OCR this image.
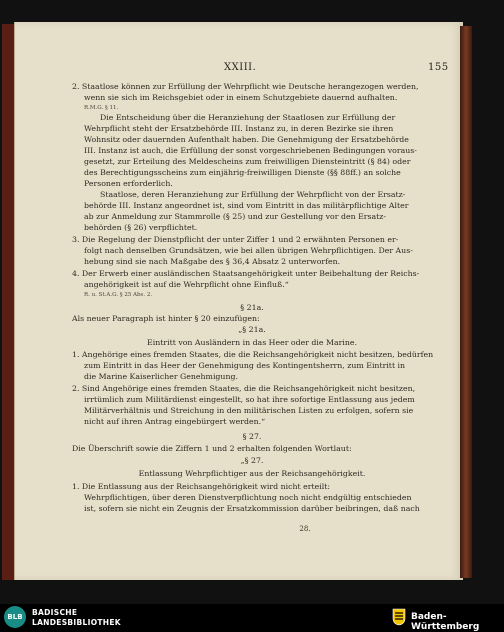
XXIII.	155
2. Staatlose können zur Erfüllung der Wehrpflicht wie Deutsche herangezogen werden,
wenn sie sich im Reichsgebiet oder in einem Schutzgebiete dauernd aufhalten.
R.M.G. § 11.
Die Entscheidung über die Heranziehung der Staatlosen zur Erfüllung der
Wehrpflicht steht der Ersatzbehörde III. Instanz zu, in deren Bezirke sie ihren
Wohnsitz oder dauernden Aufenthalt haben. Die Genehmigung der Ersatzbehörde
III. Instanz ist auch, die Erfüllung der sonst vorgeschriebenen Bedingungen voraus-
gesetzt, zur Erteilung des Meldescheins zum freiwilligen Diensteintritt (§ 84) oder
des Berechtigungsscheins zum einjährig-freiwilligen Dienste (§§ 88ff.) an solche
Personen erforderlich.
Staatlose, deren Heranziehung zur Erfüllung der Wehrpflicht von der Ersatz-
behörde III. Instanz angeordnet ist, sind vom Eintritt in das militärpflichtige Alter
ab zur Anmeldung zur Stammrolle (§ 25) und zur Gestellung vor den Ersatz-
behörden (§ 26) verpflichtet.
3. Die Regelung der Dienstpflicht der unter Ziffer 1 und 2 erwähnten Personen er-
folgt nach denselben Grundsätzen, wie bei allen übrigen Wehrpflichtigen. Der Aus-
hebung sind sie nach Maßgabe des § 36,4 Absatz 2 unterworfen.
4. Der Erwerb einer ausländischen Staatsangehörigkeit unter Beibehaltung der Reichs-
angehörigkeit ist auf die Wehrpflicht ohne Einfluß.“
R. u. St.A.G. § 25 Abs. 2.
§ 21a.
Als neuer Paragraph ist hinter § 20 einzufügen:
„§ 21a.
Eintritt von Ausländern in das Heer oder die Marine.
1. Angehörige eines fremden Staates, die die Reichsangehörigkeit nicht besitzen, bedürfen
zum Eintritt in das Heer der Genehmigung des Kontingentsherrn, zum Eintritt in
die Marine Kaiserlicher Genehmigung.
2. Sind Angehörige eines fremden Staates, die die Reichsangehörigkeit nicht besitzen,
irrtümlich zum Militärdienst eingestellt, so hat ihre sofortige Entlassung aus jedem
Militärverhältnis und Streichung in den militärischen Listen zu erfolgen, sofern sie
nicht auf ihren Antrag eingebürgert werden.“
§ 27.
Die Überschrift sowie die Ziffern 1 und 2 erhalten folgenden Wortlaut:
„§ 27.
Entlassung Wehrpflichtiger aus der Reichsangehörigkeit.
1. Die Entlassung aus der Reichsangehörigkeit wird nicht erteilt:
Wehrpflichtigen, über deren Dienstverpflichtung noch nicht endgültig entschieden
ist, sofern sie nicht ein Zeugnis der Ersatzkommission darüber beibringen, daß nach
28.
BLB	BADISCHE
LANDESBIBLIOTHEK
Baden-Württemberg
